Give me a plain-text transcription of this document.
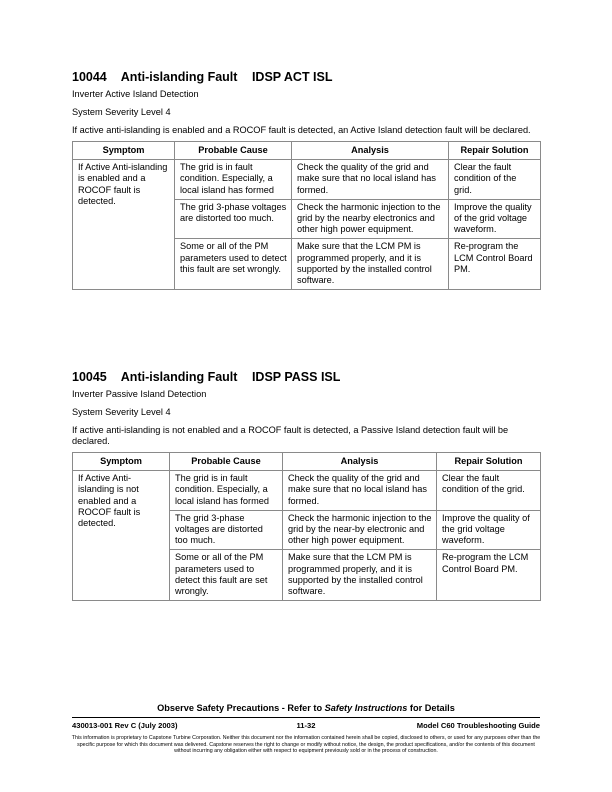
10044 Anti-islanding Fault IDSP ACT ISL

Inverter Active Island Detection

System Severity Level 4

If active anti-islanding is enabled and a ROCOF fault is detected, an Active Island detection fault will be declared.

Symptom	Probable Cause	Analysis	Repair Solution
If Active Anti-islanding is enabled and a ROCOF fault is detected.	The grid is in fault condition. Especially, a local island has formed	Check the quality of the grid and make sure that no local island has formed.	Clear the fault condition of the grid.
	The grid 3-phase voltages are distorted too much.	Check the harmonic injection to the grid by the nearby electronics and other high power equipment.	Improve the quality of the grid voltage waveform.
	Some or all of the PM parameters used to detect this fault are set wrongly.	Make sure that the LCM PM is programmed properly, and it is supported by the installed control software.	Re-program the LCM Control Board PM.
10045 Anti-islanding Fault IDSP PASS ISL

Inverter Passive Island Detection

System Severity Level 4

If active anti-islanding is not enabled and a ROCOF fault is detected, a Passive Island detection fault will be declared.

Symptom	Probable Cause	Analysis	Repair Solution
If Active Anti-islanding is not enabled and a ROCOF fault is detected.	The grid is in fault condition. Especially, a local island has formed	Check the quality of the grid and make sure that no local island has formed.	Clear the fault condition of the grid.
	The grid 3-phase voltages are distorted too much.	Check the harmonic injection to the grid by the near-by electronic and other high power equipment.	Improve the quality of the grid voltage waveform.
	Some or all of the PM parameters used to detect this fault are set wrongly.	Make sure that the LCM PM is programmed properly, and it is supported by the installed control software.	Re-program the LCM Control Board PM.
Observe Safety Precautions - Refer to Safety Instructions for Details
430013-001 Rev C (July 2003)	11-32	Model C60 Troubleshooting Guide
This information is proprietary to Capstone Turbine Corporation. Neither this document nor the information contained herein shall be copied, disclosed to others, or used for any purposes other than the specific purpose for which this document was delivered. Capstone reserves the right to change or modify without notice, the design, the product specifications, and/or the contents of this document without incurring any obligation either with respect to equipment previously sold or in the process of construction.
